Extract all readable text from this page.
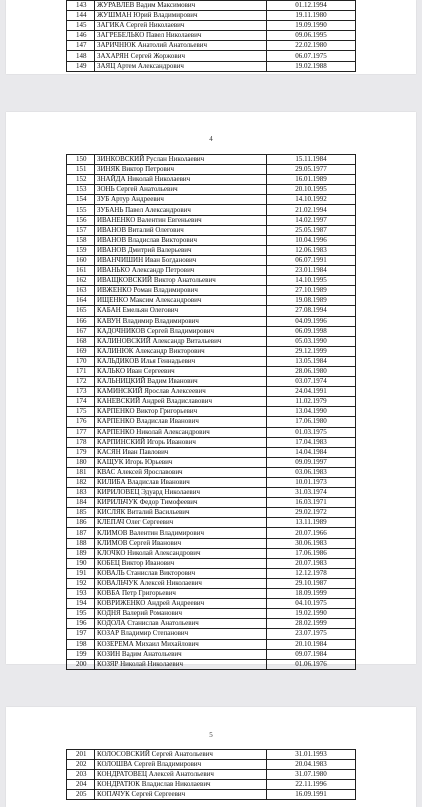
143	ЖУРАВЛЕВ Вадим Максимович	01.12.1994
144	ЖУШМАН Юрий Владимирович	19.11.1980
145	ЗАГИКА Сергей Николаевич	19.09.1990
146	ЗАГРЕБЕЛЬКО Павел Николаевич	09.06.1995
147	ЗАРИЧНЮК Анатолий Анатольевич	22.02.1980
148	ЗАХАРЯН Сергей Жоржович	06.07.1975
149	ЗАЯЦ Артем Александрович	19.02.1988
4
150	ЗИНКОВСКИЙ Руслан Николаевич	15.11.1984
151	ЗИНЯК Виктор Петрович	29.05.1977
152	ЗНАЙДА Николай Николаевич	16.01.1989
153	ЗОНЬ Сергей Анатольевич	20.10.1995
154	ЗУБ Артур Андреевич	14.10.1992
155	ЗУБАНЬ Павел Александрович	21.02.1994
156	ИВАНЕНКО Валентин Евгеньевич	14.02.1997
157	ИВАНОВ Виталий Олегович	25.05.1987
158	ИВАНОВ Владислав Викторович	10.04.1996
159	ИВАНОВ Дмитрий Валерьевич	12.06.1983
160	ИВАНЧИШИН Иван Богданович	06.07.1991
161	ИВАНЬКО Александр Петрович	23.01.1984
162	ИВАЩКОВСКИЙ Виктор Анатольевич	14.10.1995
163	ИВЖЕНКО Роман Владимирович	27.10.1989
164	ИЩЕНКО Максим Александрович	19.08.1989
165	КАБАН Емельян Олегович	27.08.1994
166	КАВУН Владимир Владимирович	04.09.1996
167	КАДОЧНИКОВ Сергей Владимирович	06.09.1998
168	КАЛИНОВСКИЙ Александр Витальевич	05.03.1990
169	КАЛИНЮК Александр Викторович	29.12.1999
170	КАЛЬДИКОВ Илья Геннадьевич	13.05.1984
171	КАЛЬКО Иван Сергеевич	28.06.1980
172	КАЛЬНИЦКИЙ Вадим Иванович	03.07.1974
173	КАМИНСКИЙ Ярослав Алексеевич	24.04.1991
174	КАНЕВСКИЙ Андрей Владиславович	11.02.1979
175	КАРПЕНКО Виктор Григорьевич	13.04.1990
176	КАРПЕНКО Владислав Иванович	17.06.1980
177	КАРПЕНКО Николай Александрович	01.03.1975
178	КАРПИНСКИЙ Игорь Иванович	17.04.1983
179	КАСЯН Иван Павлович	14.04.1984
180	КАЩУК Игорь Юрьевич	09.09.1997
181	КВАС Алексей Ярославович	03.06.1983
182	КИЛИБА Владислав Иванович	10.01.1973
183	КИРИЛОВЕЦ Эдуард Николаевич	31.03.1974
184	КИРИЛЬЧУК Федор Тимофеевич	16.03.1971
185	КИСЛЯК Виталий Васильевич	29.02.1972
186	КЛЕПАЧ Олег Сергеевич	13.11.1989
187	КЛИМОВ Валентин Владимирович	20.07.1966
188	КЛИМОВ Сергей Иванович	30.06.1983
189	КЛОЧКО Николай Александрович	17.06.1986
190	КОБЕЦ Виктор Иванович	20.07.1983
191	КОВАЛЬ Станислав Викторович	12.12.1978
192	КОВАЛЬЧУК Алексей Николаевич	29.10.1987
193	КОВБА Петр Григорьевич	18.09.1999
194	КОВРИЖЕНКО Андрей Андреевич	04.10.1975
195	КОДНЯ Валерий Романович	19.02.1990
196	КОДОЛА Станислав Анатольевич	28.02.1999
197	КОЗАР Владимир Степанович	23.07.1975
198	КОЗЕРЕМА Михаил Михайлович	20.10.1984
199	КОЗИН Вадим Анатольевич	09.07.1984
200	КОЗЯР Николай Николаевич	01.06.1976
5
201	КОЛОСОВСКИЙ Сергей Анатольевич	31.01.1993
202	КОЛОШВА Сергей Владимирович	20.04.1983
203	КОНДРАТОВЕЦ Алексей Анатольевич	31.07.1980
204	КОНДРАТЮК Владислав Николаевич	22.11.1996
205	КОПАЧУК Сергей Сергеевич	16.09.1991
